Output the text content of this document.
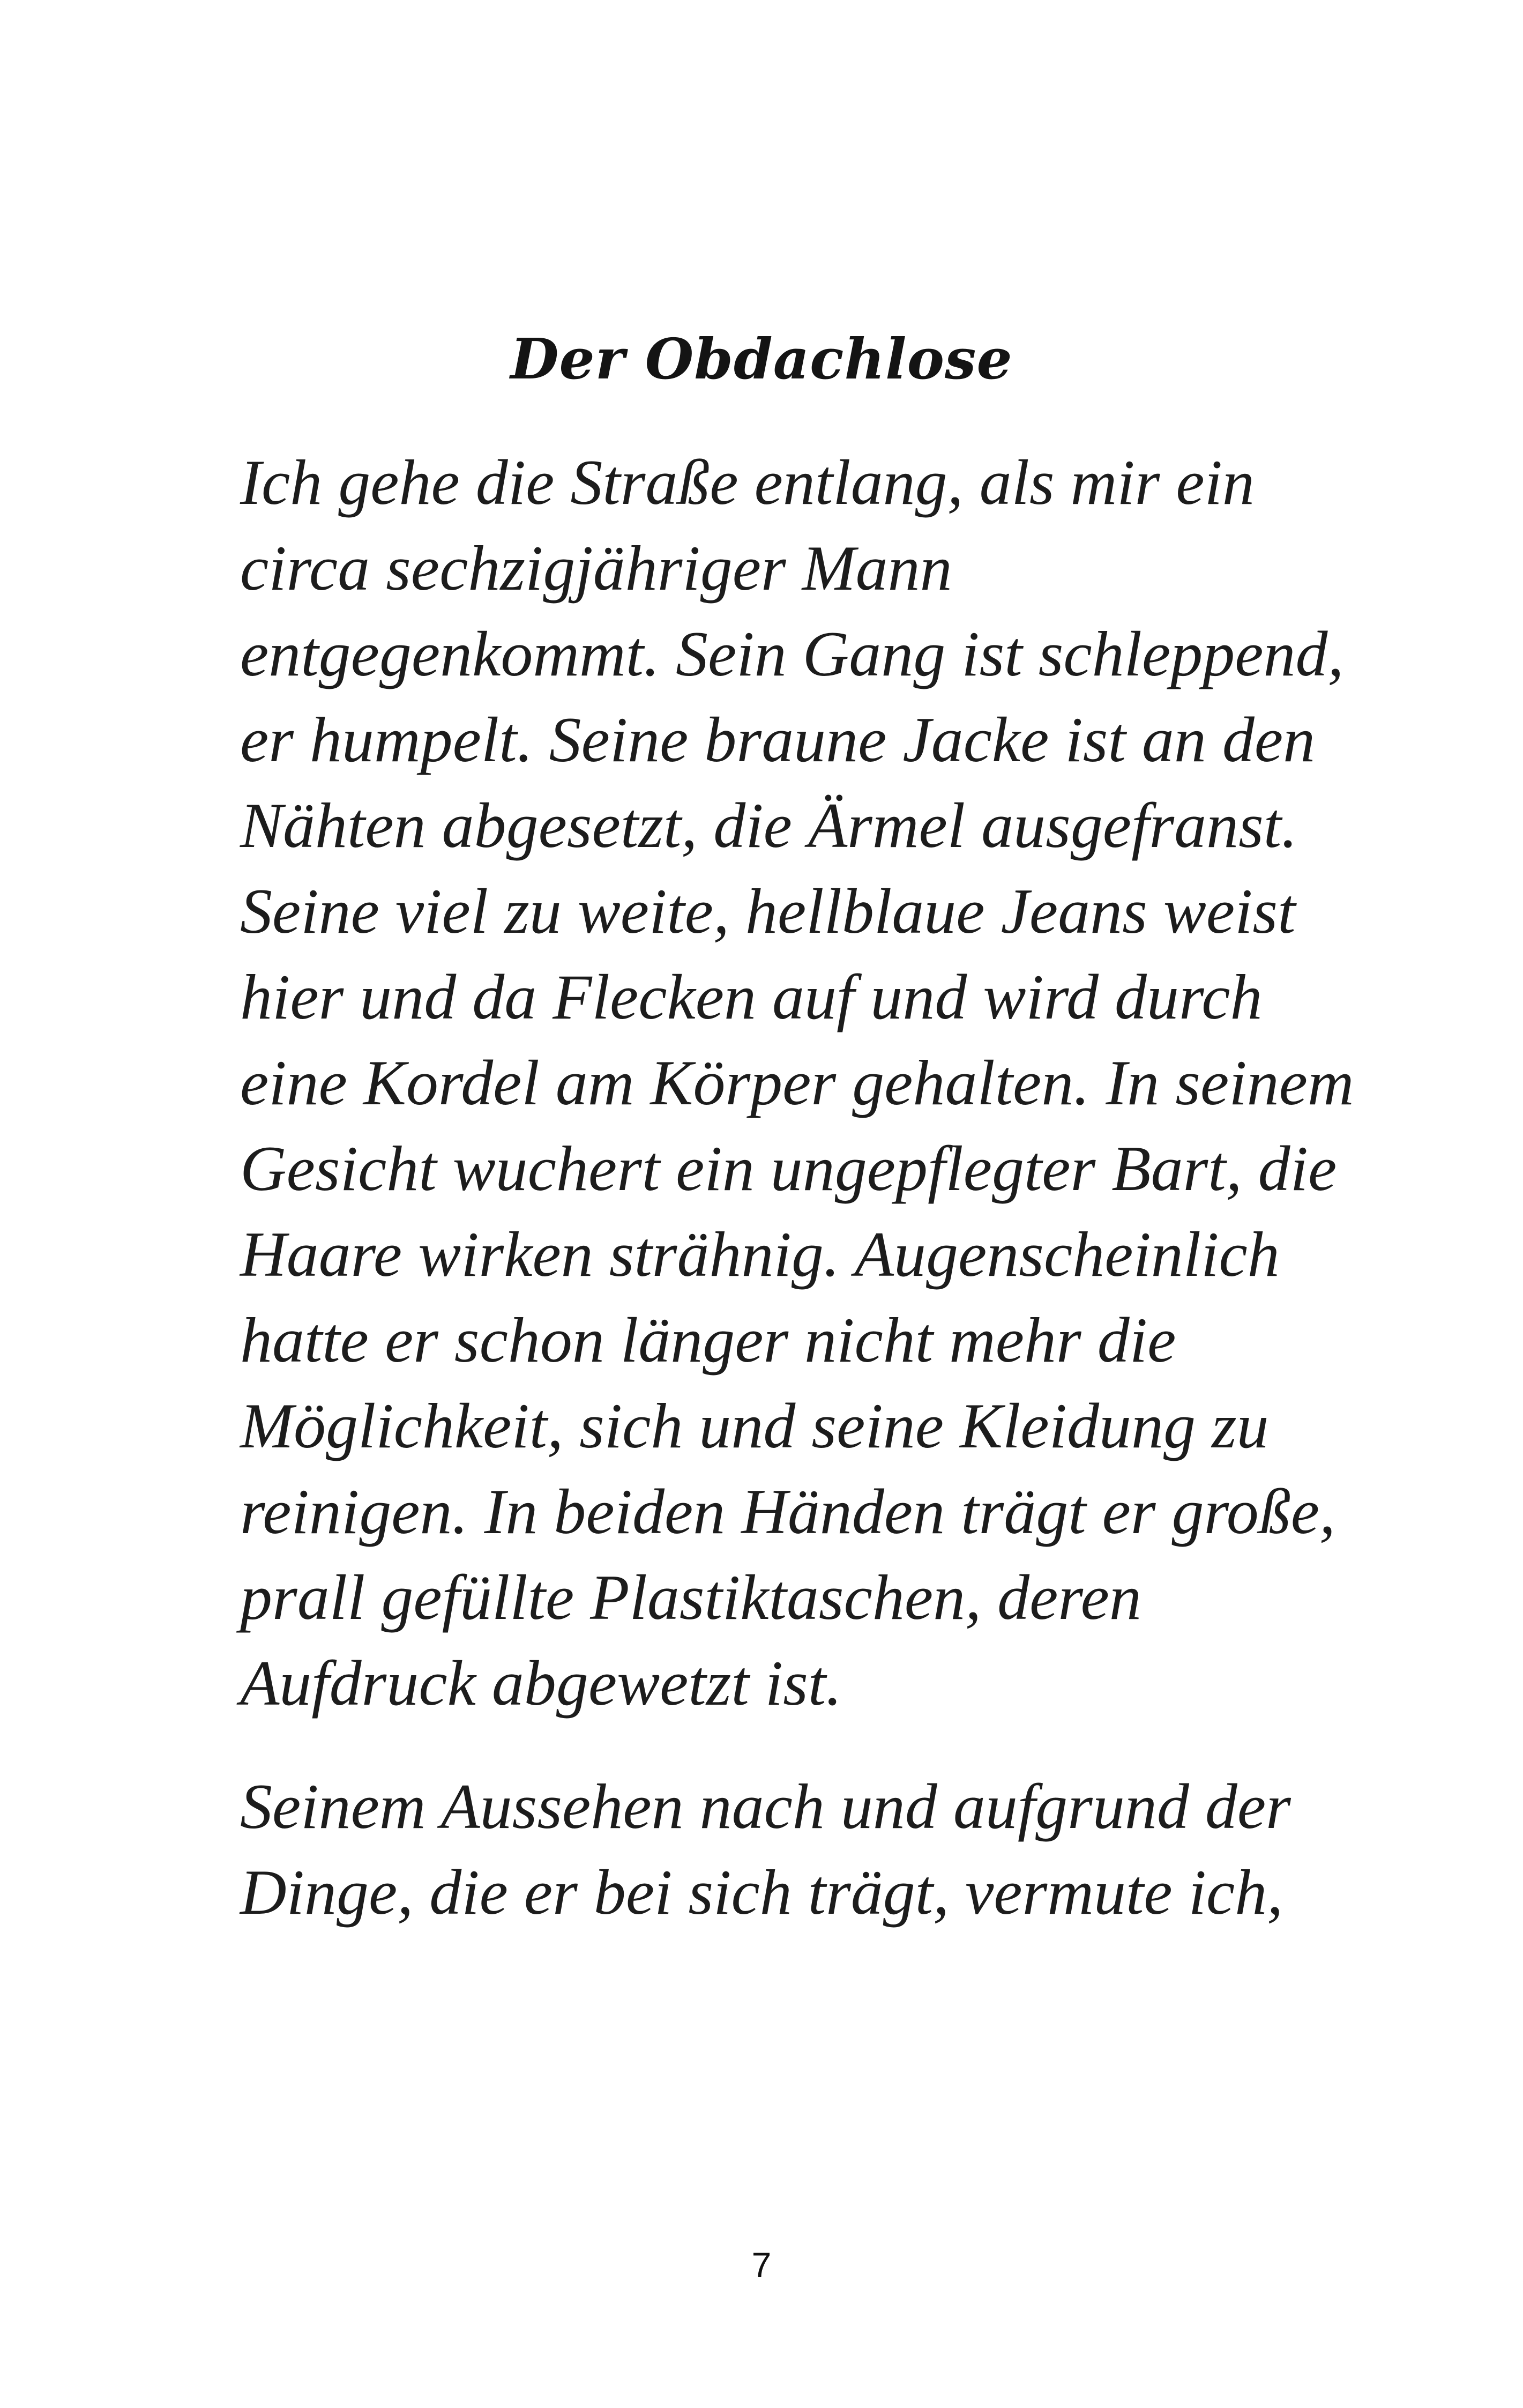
Der Obdachlose
Ich gehe die Straße entlang, als mir ein
circa sechzigjähriger Mann
entgegenkommt. Sein Gang ist schleppend,
er humpelt. Seine braune Jacke ist an den
Nähten abgesetzt, die Ärmel ausgefranst.
Seine viel zu weite, hellblaue Jeans weist
hier und da Flecken auf und wird durch
eine Kordel am Körper gehalten. In seinem
Gesicht wuchert ein ungepflegter Bart, die
Haare wirken strähnig. Augenscheinlich
hatte er schon länger nicht mehr die
Möglichkeit, sich und seine Kleidung zu
reinigen. In beiden Händen trägt er große,
prall gefüllte Plastiktaschen, deren
Aufdruck abgewetzt ist.
Seinem Aussehen nach und aufgrund der
Dinge, die er bei sich trägt, vermute ich,
7
